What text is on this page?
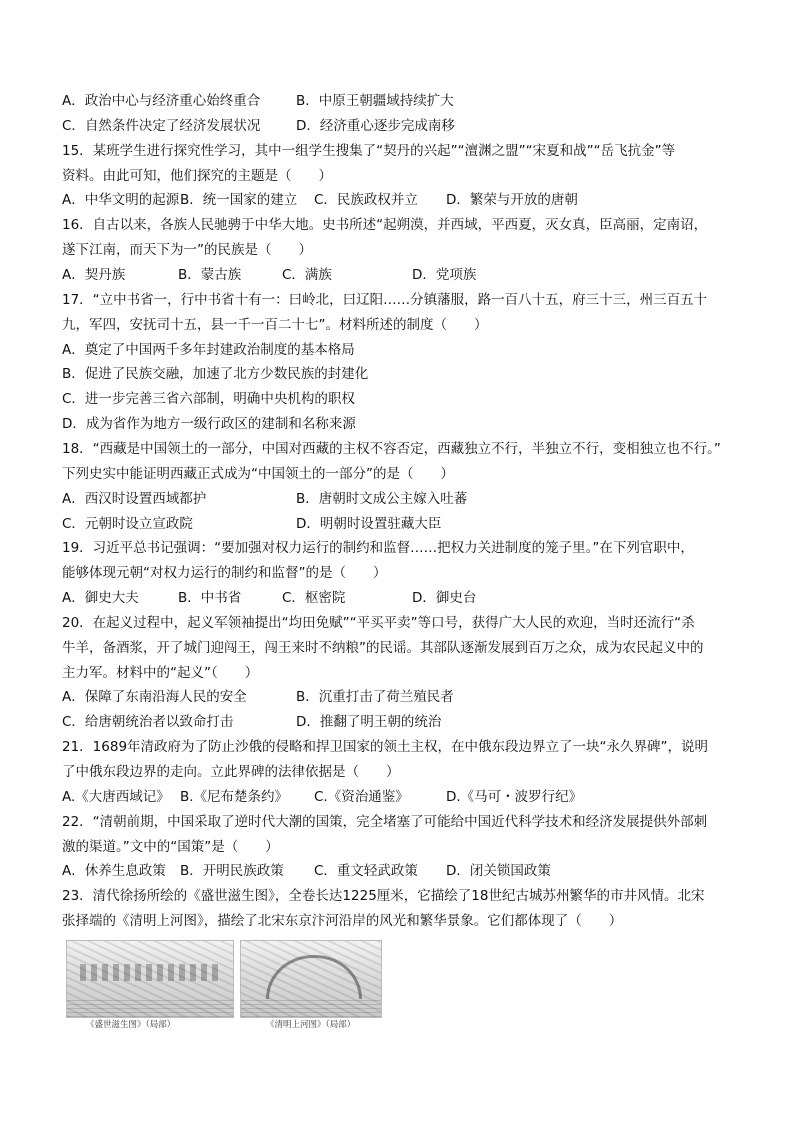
A．政治中心与经济重心始终重合	B．中原王朝疆域持续扩大
C．自然条件决定了经济发展状况	D．经济重心逐步完成南移
15．某班学生进行探究性学习，其中一组学生搜集了“契丹的兴起”“澶渊之盟”“宋夏和战”“岳飞抗金”等
资料。由此可知，他们探究的主题是（　　）
A．中华文明的起源 B．统一国家的建立 C．民族政权并立 D．繁荣与开放的唐朝
16．自古以来，各族人民驰骋于中华大地。史书所述“起朔漠，并西域，平西夏，灭女真，臣高丽，定南诏，
遂下江南，而天下为一”的民族是（　　）
A．契丹族	B．蒙古族	C．满族	D．党项族
17．“立中书省一，行中书省十有一：曰岭北，曰辽阳……分镇藩服，路一百八十五，府三十三，州三百五十
九，军四，安抚司十五，县一千一百二十七”。材料所述的制度（　　）
A．奠定了中国两千多年封建政治制度的基本格局
B．促进了民族交融，加速了北方少数民族的封建化
C．进一步完善三省六部制，明确中央机构的职权
D．成为省作为地方一级行政区的建制和名称来源
18．“西藏是中国领土的一部分，中国对西藏的主权不容否定，西藏独立不行，半独立不行，变相独立也不行。”
下列史实中能证明西藏正式成为“中国领土的一部分”的是（　　）
A．西汉时设置西域都护	B．唐朝时文成公主嫁入吐蕃
C．元朝时设立宣政院	D．明朝时设置驻藏大臣
19．习近平总书记强调：“要加强对权力运行的制约和监督……把权力关进制度的笼子里。”在下列官职中，
能够体现元朝“对权力运行的制约和监督”的是（　　）
A．御史大夫	B．中书省	C．枢密院	D．御史台
20．在起义过程中，起义军领袖提出“均田免赋”“平买平卖”等口号，获得广大人民的欢迎，当时还流行“杀
牛羊，备酒浆，开了城门迎闯王，闯王来时不纳粮”的民谣。其部队逐渐发展到百万之众，成为农民起义中的
主力军。材料中的“起义”（　　）
A．保障了东南沿海人民的安全	B．沉重打击了荷兰殖民者
C．给唐朝统治者以致命打击	D．推翻了明王朝的统治
21．1689年清政府为了防止沙俄的侵略和捍卫国家的领土主权，在中俄东段边界立了一块“永久界碑”，说明
了中俄东段边界的走向。立此界碑的法律依据是（　　）
A.《大唐西域记》 B.《尼布楚条约》 C.《资治通鉴》	D.《马可・波罗行纪》
22．“清朝前期，中国采取了逆时代大潮的国策，完全堵塞了可能给中国近代科学技术和经济发展提供外部刺
激的渠道。”文中的“国策”是（　　）
A．休养生息政策 B．开明民族政策 C．重文轻武政策 D．闭关锁国政策
23．清代徐扬所绘的《盛世滋生图》，全卷长达1225厘米，它描绘了18世纪古城苏州繁华的市井风情。北宋
张择端的《清明上河图》，描绘了北宋东京汴河沿岸的风光和繁华景象。它们都体现了（　　）
《盛世滋生图》（局部）	《清明上河图》（局部）
